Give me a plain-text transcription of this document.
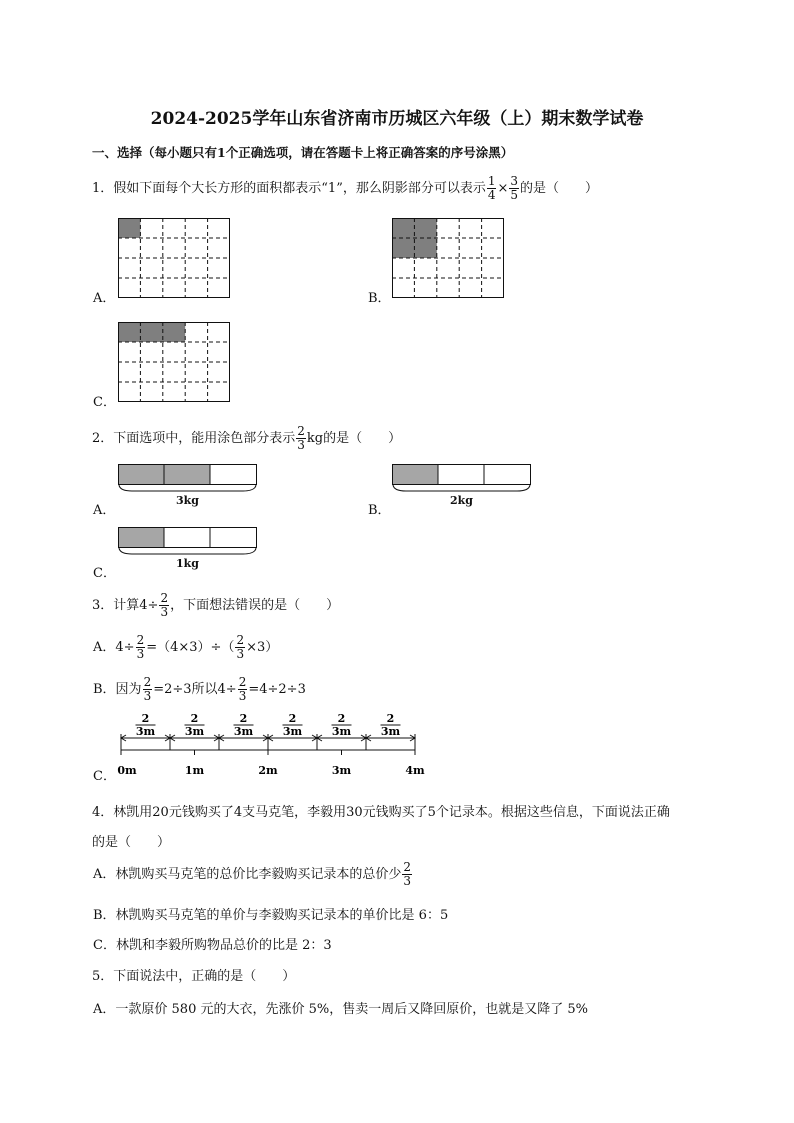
2024-2025学年山东省济南市历城区六年级（上）期末数学试卷
一、选择（每小题只有1个正确选项，请在答题卡上将正确答案的序号涂黑）
1．假如下面每个大长方形的面积都表示“1”，那么阴影部分可以表示 $\frac{1}{4} \times \frac{3}{5}$ 的是（　　）
A．	B．
C．
2．下面选项中，能用涂色部分表示 $\frac{2}{3}$ kg的是（　　）
A．	B．
C．
3kg	2kg
1kg
3．计算$4\div \frac{2}{3}$ ，下面想法错误的是（　　）
A．$4\div \frac{2}{3} =(4\times 3)\div( \frac{2}{3} \times 3)$
B．因为 $\frac{2}{3} =2\div 3$所以$4\div \frac{2}{3} =4\div 2\div 3$
C．
2
3m
2
3m
2
3m
2
3m
2
3m
2
3m
0m	1m	2m	3m	4m
4．林凯用20元钱购买了4支马克笔，李毅用30元钱购买了5个记录本。根据这些信息，下面说法正确
的是（　　）
A．林凯购买马克笔的总价比李毅购买记录本的总价少 $\frac{2}{3}$
B．林凯购买马克笔的单价与李毅购买记录本的单价比是 6：5
C．林凯和李毅所购物品总价的比是 2：3
5．下面说法中，正确的是（　　）
A．一款原价 580 元的大衣，先涨价 5%，售卖一周后又降回原价，也就是又降了 5%
